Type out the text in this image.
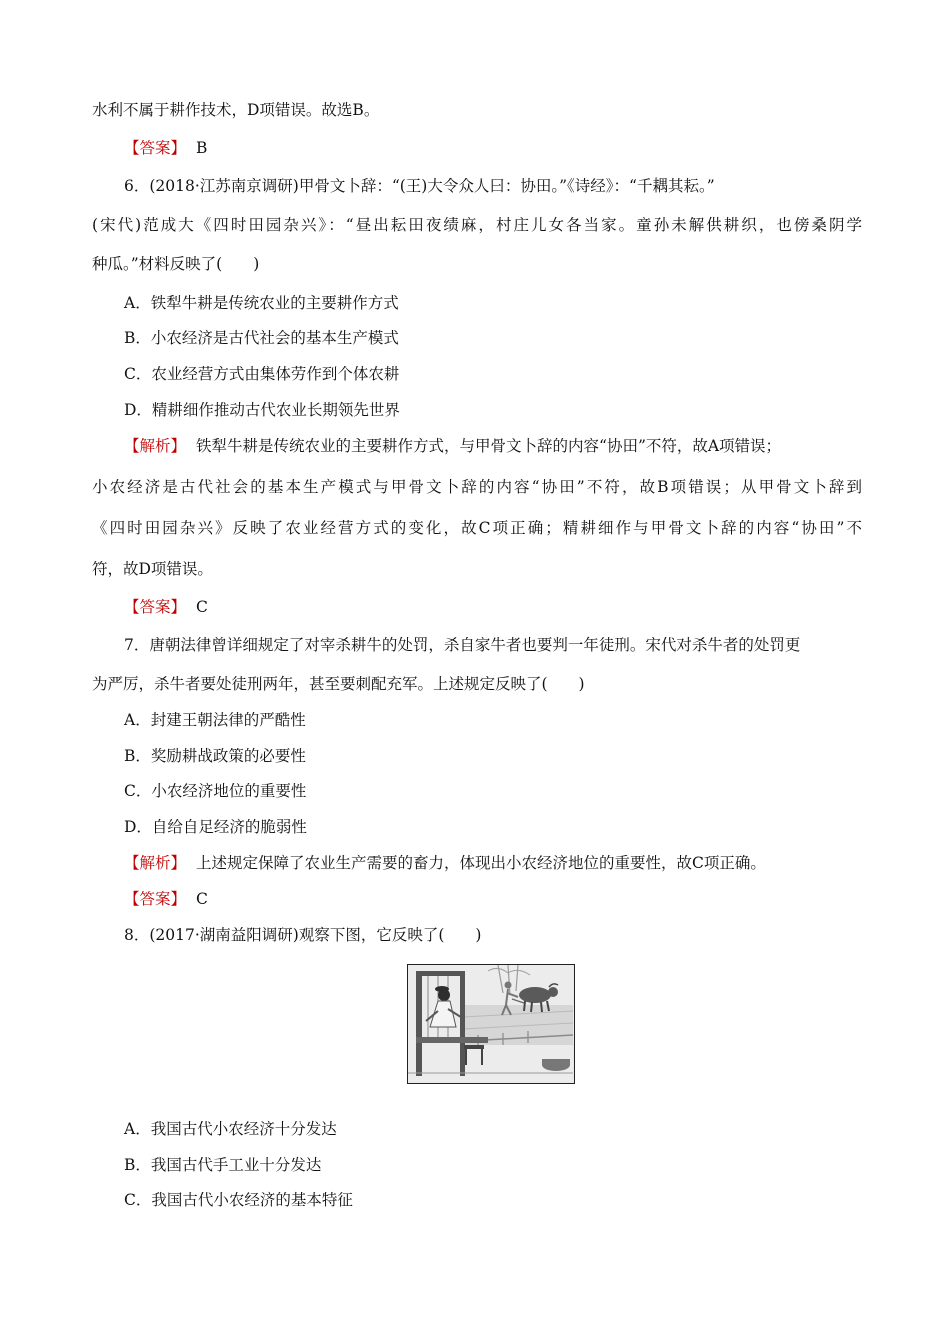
水利不属于耕作技术，D项错误。故选B。
【答案】 B
6．(2018·江苏南京调研)甲骨文卜辞：“(王)大令众人曰：协田。”《诗经》：“千耦其耘。”
(宋代)范成大《四时田园杂兴》：“昼出耘田夜绩麻，村庄儿女各当家。童孙未解供耕织，也傍桑阴学
种瓜。”材料反映了(　　)
A．铁犁牛耕是传统农业的主要耕作方式
B．小农经济是古代社会的基本生产模式
C．农业经营方式由集体劳作到个体农耕
D．精耕细作推动古代农业长期领先世界
【解析】 铁犁牛耕是传统农业的主要耕作方式，与甲骨文卜辞的内容“协田”不符，故A项错误；
小农经济是古代社会的基本生产模式与甲骨文卜辞的内容“协田”不符，故B项错误；从甲骨文卜辞到
《四时田园杂兴》反映了农业经营方式的变化，故C项正确；精耕细作与甲骨文卜辞的内容“协田”不
符，故D项错误。
【答案】 C
7．唐朝法律曾详细规定了对宰杀耕牛的处罚，杀自家牛者也要判一年徒刑。宋代对杀牛者的处罚更
为严厉，杀牛者要处徒刑两年，甚至要刺配充军。上述规定反映了(　　)
A．封建王朝法律的严酷性
B．奖励耕战政策的必要性
C．小农经济地位的重要性
D．自给自足经济的脆弱性
【解析】 上述规定保障了农业生产需要的畜力，体现出小农经济地位的重要性，故C项正确。
【答案】 C
8．(2017·湖南益阳调研)观察下图，它反映了(　　)
A．我国古代小农经济十分发达
B．我国古代手工业十分发达
C．我国古代小农经济的基本特征
